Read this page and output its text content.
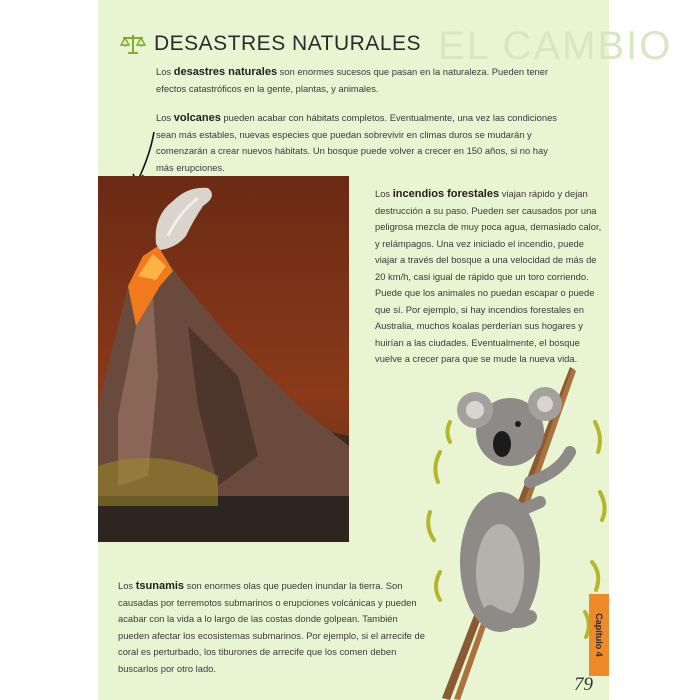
EL CAMBIO
DESASTRES NATURALES
Los desastres naturales son enormes sucesos que pasan en la naturaleza. Pueden tener efectos catastróficos en la gente, plantas, y animales.
Los volcanes pueden acabar con hábitats completos. Eventualmente, una vez las condiciones sean más estables, nuevas especies que puedan sobrevivir en climas duros se mudarán y comenzarán a crear nuevos hábitats. Un bosque puede volver a crecer en 150 años, si no hay más erupciones.
Los incendios forestales viajan rápido y dejan destrucción a su paso. Pueden ser causados por una peligrosa mezcla de muy poca agua, demasiado calor, y relámpagos. Una vez iniciado el incendio, puede viajar a través del bosque a una velocidad de más de 20 km/h, casi igual de rápido que un toro corriendo. Puede que los animales no puedan escapar o puede que sí. Por ejemplo, si hay incendios forestales en Australia, muchos koalas perderían sus hogares y huirían a las ciudades. Eventualmente, el bosque vuelve a crecer para que se mude la nueva vida.
Los tsunamis son enormes olas que pueden inundar la tierra. Son causadas por terremotos submarinos o erupciones volcánicas y pueden acabar con la vida a lo largo de las costas donde golpean. También pueden afectar los ecosistemas submarinos. Por ejemplo, si el arrecife de coral es perturbado, los tiburones de arrecife que los comen deben buscarlos por otro lado.
Capítulo 4
79
